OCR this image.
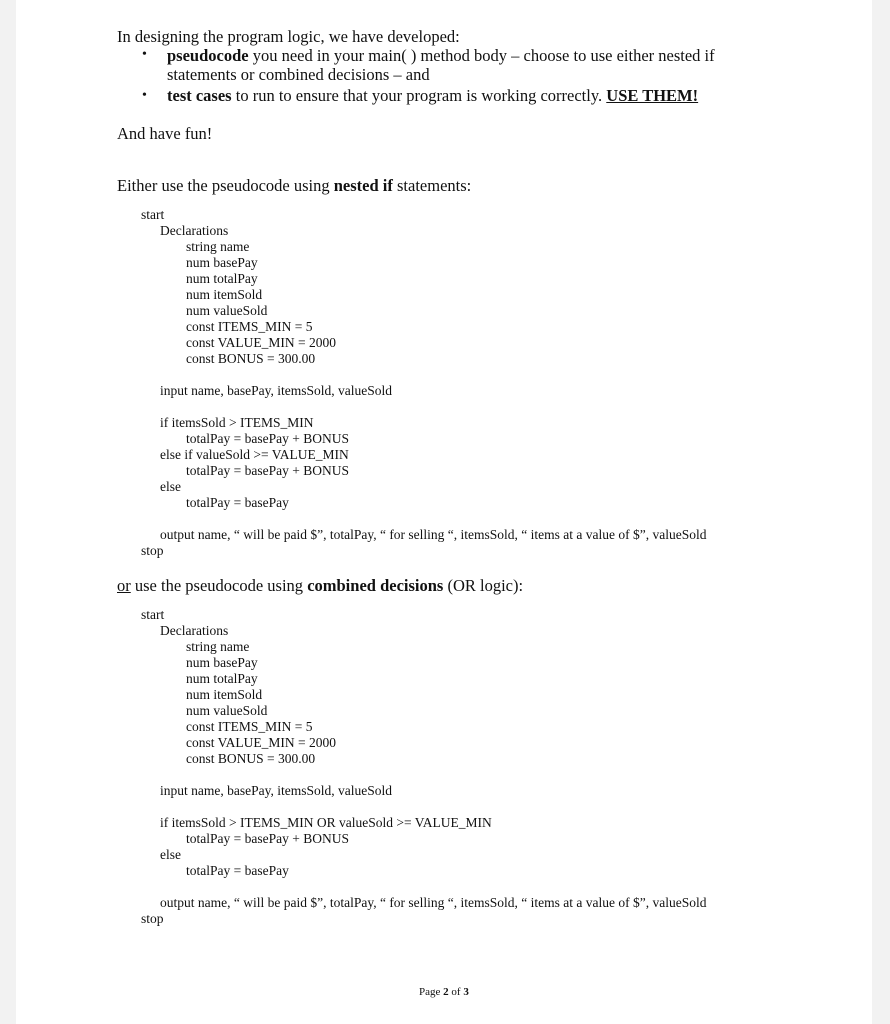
In designing the program logic, we have developed:
• pseudocode you need in your main( ) method body – choose to use either nested if
statements or combined decisions – and
• test cases to run to ensure that your program is working correctly. USE THEM!
And have fun!
Either use the pseudocode using nested if statements:
start
Declarations
string name
num basePay
num totalPay
num itemSold
num valueSold
const ITEMS_MIN = 5
const VALUE_MIN = 2000
const BONUS = 300.00
input name, basePay, itemsSold, valueSold
if itemsSold > ITEMS_MIN
totalPay = basePay + BONUS
else if valueSold >= VALUE_MIN
totalPay = basePay + BONUS
else
totalPay = basePay
output name, “ will be paid $”, totalPay, “ for selling “, itemsSold, “ items at a value of $”, valueSold
stop
or use the pseudocode using combined decisions (OR logic):
start
Declarations
string name
num basePay
num totalPay
num itemSold
num valueSold
const ITEMS_MIN = 5
const VALUE_MIN = 2000
const BONUS = 300.00
input name, basePay, itemsSold, valueSold
if itemsSold > ITEMS_MIN OR valueSold >= VALUE_MIN
totalPay = basePay + BONUS
else
totalPay = basePay
output name, “ will be paid $”, totalPay, “ for selling “, itemsSold, “ items at a value of $”, valueSold
stop
Page 2 of 3
